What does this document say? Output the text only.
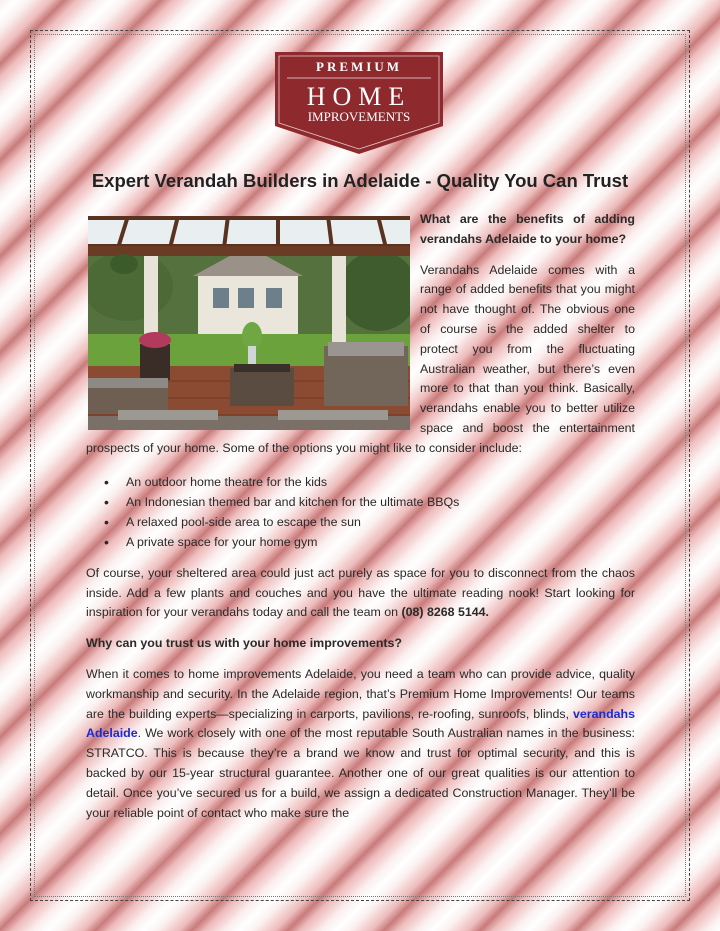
PREMIUM
HOME
IMPROVEMENTS
Expert Verandah Builders in Adelaide - Quality You Can Trust

What are the benefits of adding verandahs Adelaide to your home?

Verandahs Adelaide comes with a range of added benefits that you might not have thought of. The obvious one of course is the added shelter to protect you from the fluctuating Australian weather, but there’s even more to that than you think. Basically, verandahs enable you to better utilize space and boost the entertainment prospects of your home. Some of the options you might like to consider include:

• An outdoor home theatre for the kids
• An Indonesian themed bar and kitchen for the ultimate BBQs
• A relaxed pool-side area to escape the sun
• A private space for your home gym

Of course, your sheltered area could just act purely as space for you to disconnect from the chaos inside. Add a few plants and couches and you have the ultimate reading nook! Start looking for inspiration for your verandahs today and call the team on (08) 8268 5144.

Why can you trust us with your home improvements?

When it comes to home improvements Adelaide, you need a team who can provide advice, quality workmanship and security. In the Adelaide region, that’s Premium Home Improvements! Our teams are the building experts—specializing in carports, pavilions, re-roofing, sunroofs, blinds, verandahs Adelaide. We work closely with one of the most reputable South Australian names in the business: STRATCO. This is because they’re a brand we know and trust for optimal security, and this is backed by our 15-year structural guarantee. Another one of our great qualities is our attention to detail. Once you’ve secured us for a build, we assign a dedicated Construction Manager. They’ll be your reliable point of contact who make sure the
